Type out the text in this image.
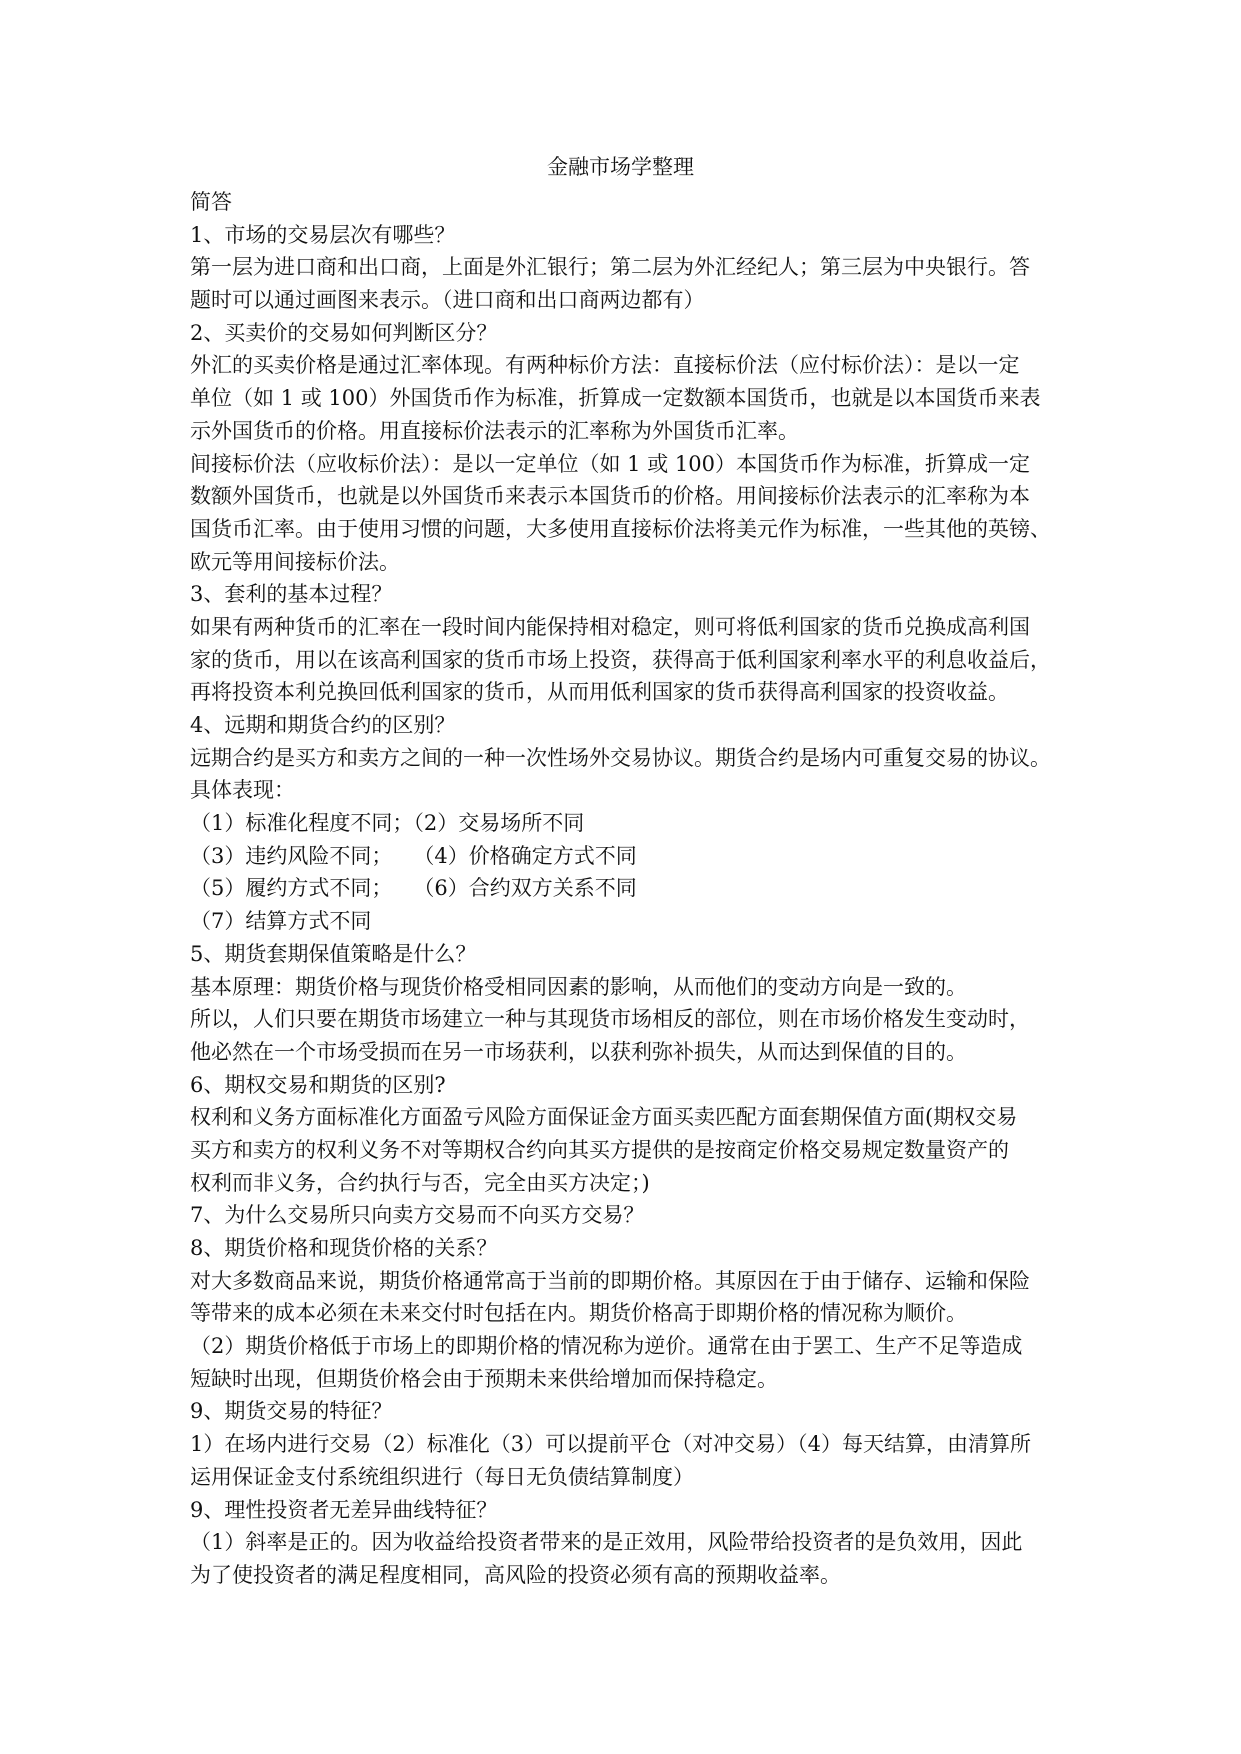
金融市场学整理
简答
1、市场的交易层次有哪些？
第一层为进口商和出口商，上面是外汇银行；第二层为外汇经纪人；第三层为中央银行。答
题时可以通过画图来表示。（进口商和出口商两边都有）
2、买卖价的交易如何判断区分？
外汇的买卖价格是通过汇率体现。有两种标价方法：直接标价法（应付标价法）：是以一定
单位（如 1 或 100）外国货币作为标准，折算成一定数额本国货币，也就是以本国货币来表
示外国货币的价格。用直接标价法表示的汇率称为外国货币汇率。
间接标价法（应收标价法）：是以一定单位（如 1 或 100）本国货币作为标准，折算成一定
数额外国货币，也就是以外国货币来表示本国货币的价格。用间接标价法表示的汇率称为本
国货币汇率。由于使用习惯的问题，大多使用直接标价法将美元作为标准，一些其他的英镑、
欧元等用间接标价法。
3、套利的基本过程？
如果有两种货币的汇率在一段时间内能保持相对稳定，则可将低利国家的货币兑换成高利国
家的货币，用以在该高利国家的货币市场上投资，获得高于低利国家利率水平的利息收益后，
再将投资本利兑换回低利国家的货币，从而用低利国家的货币获得高利国家的投资收益。
4、远期和期货合约的区别？
远期合约是买方和卖方之间的一种一次性场外交易协议。期货合约是场内可重复交易的协议。
具体表现：
（1）标准化程度不同；（2）交易场所不同
（3）违约风险不同；　　（4）价格确定方式不同
（5）履约方式不同；　　（6）合约双方关系不同
（7）结算方式不同
5、期货套期保值策略是什么？
基本原理：期货价格与现货价格受相同因素的影响，从而他们的变动方向是一致的。
所以，人们只要在期货市场建立一种与其现货市场相反的部位，则在市场价格发生变动时，
他必然在一个市场受损而在另一市场获利，以获利弥补损失，从而达到保值的目的。
6、期权交易和期货的区别?
权利和义务方面标准化方面盈亏风险方面保证金方面买卖匹配方面套期保值方面(期权交易
买方和卖方的权利义务不对等期权合约向其买方提供的是按商定价格交易规定数量资产的
权利而非义务，合约执行与否，完全由买方决定；)
7、为什么交易所只向卖方交易而不向买方交易？
8、期货价格和现货价格的关系？
对大多数商品来说，期货价格通常高于当前的即期价格。其原因在于由于储存、运输和保险
等带来的成本必须在未来交付时包括在内。期货价格高于即期价格的情况称为顺价。
（2）期货价格低于市场上的即期价格的情况称为逆价。通常在由于罢工、生产不足等造成
短缺时出现，但期货价格会由于预期未来供给增加而保持稳定。
9、期货交易的特征？
1）在场内进行交易（2）标准化（3）可以提前平仓（对冲交易）（4）每天结算，由清算所
运用保证金支付系统组织进行（每日无负债结算制度）
9、理性投资者无差异曲线特征？
（1）斜率是正的。因为收益给投资者带来的是正效用，风险带给投资者的是负效用，因此
为了使投资者的满足程度相同，高风险的投资必须有高的预期收益率。
